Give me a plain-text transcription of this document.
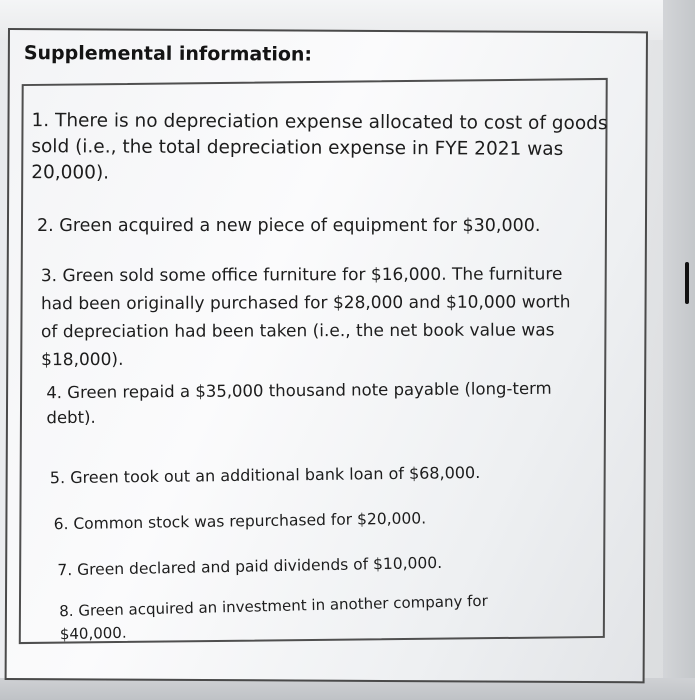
Supplemental information:

1. There is no depreciation expense allocated to cost of goods
sold (i.e., the total depreciation expense in FYE 2021 was
20,000).

2. Green acquired a new piece of equipment for $30,000.

3. Green sold some office furniture for $16,000. The furniture
had been originally purchased for $28,000 and $10,000 worth
of depreciation had been taken (i.e., the net book value was
$18,000).

4. Green repaid a $35,000 thousand note payable (long-term
debt).

5. Green took out an additional bank loan of $68,000.

6. Common stock was repurchased for $20,000.

7. Green declared and paid dividends of $10,000.

8. Green acquired an investment in another company for
$40,000.
